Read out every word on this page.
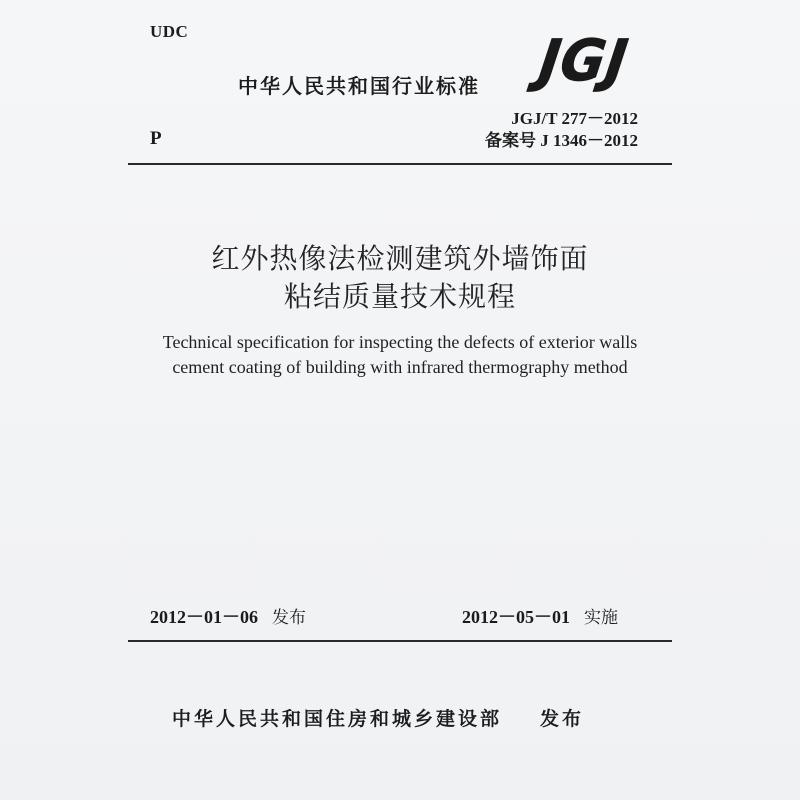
UDC
中华人民共和国行业标准 JGJ
P
JGJ/T 277－2012
备案号 J 1346－2012
红外热像法检测建筑外墙饰面
粘结质量技术规程
Technical specification for inspecting the defects of exterior walls
cement coating of building with infrared thermography method
2012－01－06 发布	2012－05－01 实施
中华人民共和国住房和城乡建设部 发布
